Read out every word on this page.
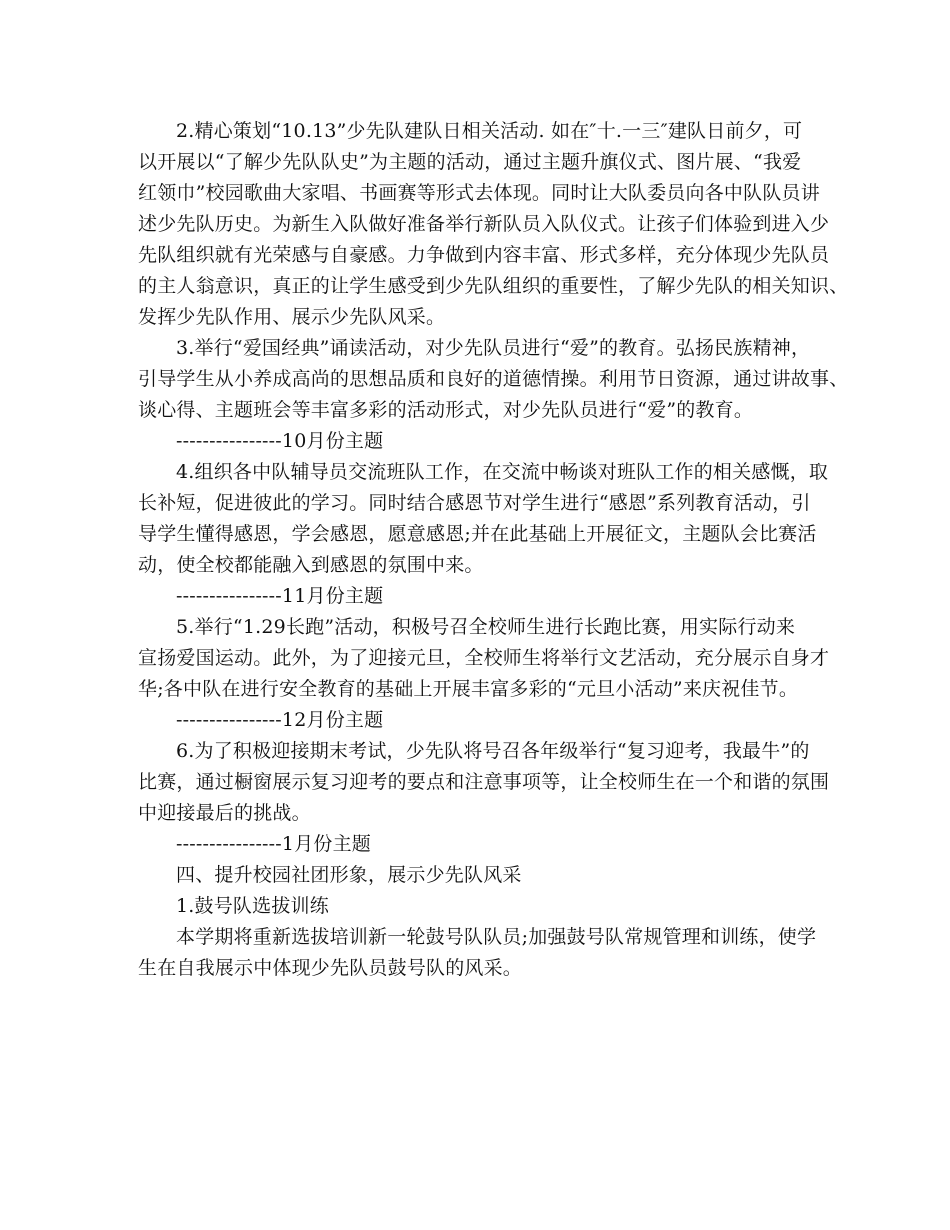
2.精心策划“10.13”少先队建队日相关活动. 如在″十.一三″建队日前夕，可

以开展以“了解少先队队史”为主题的活动，通过主题升旗仪式、图片展、“我爱

红领巾”校园歌曲大家唱、书画赛等形式去体现。同时让大队委员向各中队队员讲

述少先队历史。为新生入队做好准备举行新队员入队仪式。让孩子们体验到进入少

先队组织就有光荣感与自豪感。力争做到内容丰富、形式多样，充分体现少先队员

的主人翁意识，真正的让学生感受到少先队组织的重要性，了解少先队的相关知识、

发挥少先队作用、展示少先队风采。

3.举行“爱国经典”诵读活动，对少先队员进行“爱”的教育。弘扬民族精神，

引导学生从小养成高尚的思想品质和良好的道德情操。利用节日资源，通过讲故事、

谈心得、主题班会等丰富多彩的活动形式，对少先队员进行“爱”的教育。

----------------10月份主题

4.组织各中队辅导员交流班队工作，在交流中畅谈对班队工作的相关感慨，取

长补短，促进彼此的学习。同时结合感恩节对学生进行“感恩”系列教育活动，引

导学生懂得感恩，学会感恩，愿意感恩;并在此基础上开展征文，主题队会比赛活

动，使全校都能融入到感恩的氛围中来。

----------------11月份主题

5.举行“1.29长跑”活动，积极号召全校师生进行长跑比赛，用实际行动来

宣扬爱国运动。此外，为了迎接元旦，全校师生将举行文艺活动，充分展示自身才

华;各中队在进行安全教育的基础上开展丰富多彩的“元旦小活动”来庆祝佳节。

----------------12月份主题

6.为了积极迎接期末考试，少先队将号召各年级举行“复习迎考，我最牛”的

比赛，通过橱窗展示复习迎考的要点和注意事项等，让全校师生在一个和谐的氛围

中迎接最后的挑战。

----------------1月份主题

四、提升校园社团形象，展示少先队风采

1.鼓号队选拔训练

本学期将重新选拔培训新一轮鼓号队队员;加强鼓号队常规管理和训练，使学

生在自我展示中体现少先队员鼓号队的风采。
